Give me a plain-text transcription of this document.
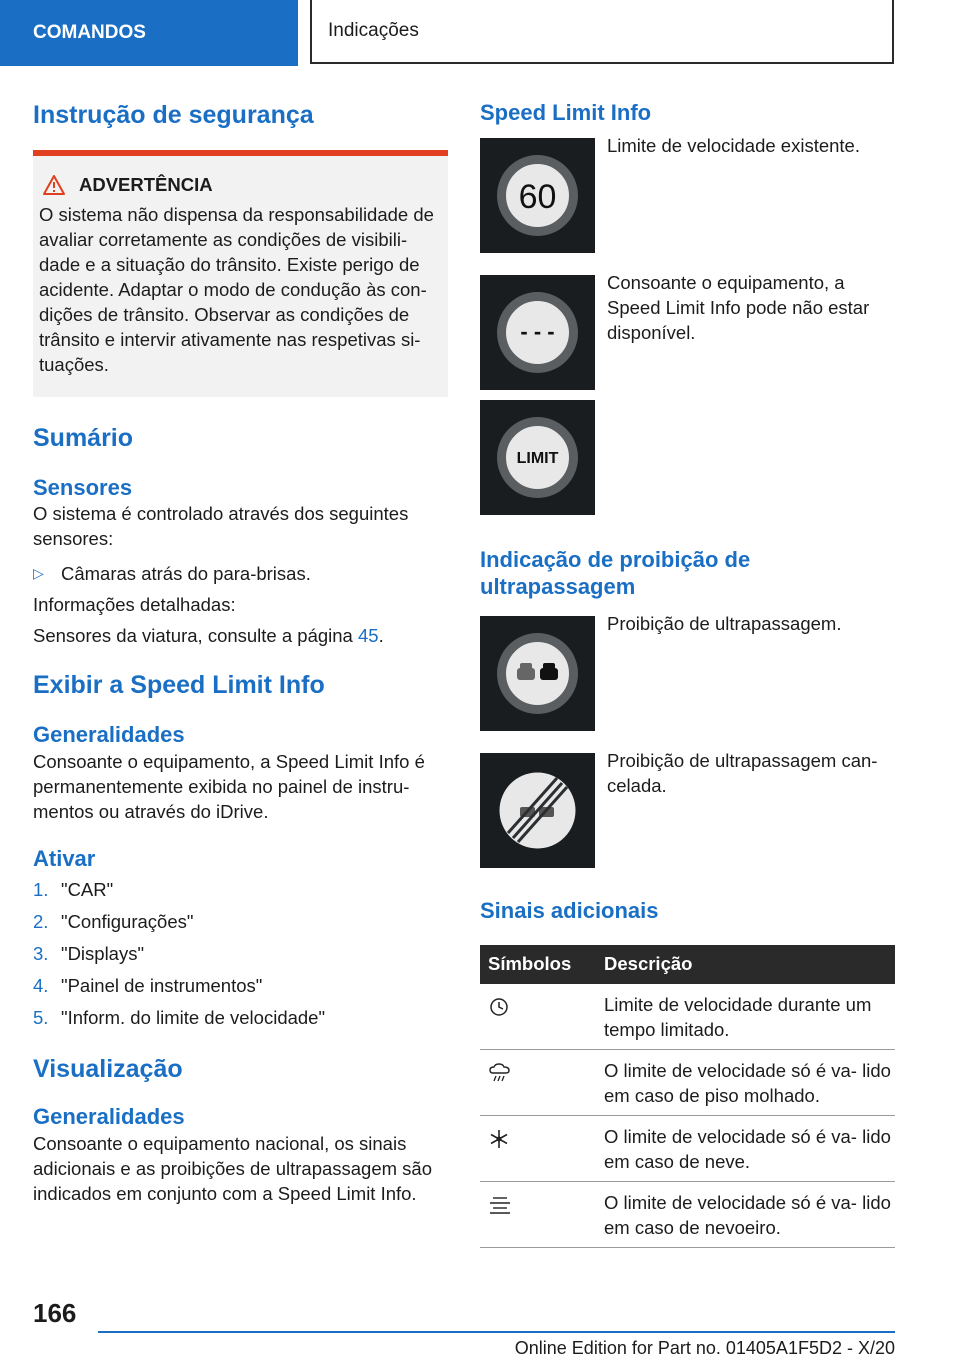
COMANDOS	Indicações
Instrução de segurança
ADVERTÊNCIA

O sistema não dispensa da responsabilidade de avaliar corretamente as condições de visibili- dade e a situação do trânsito. Existe perigo de acidente. Adaptar o modo de condução às con- dições de trânsito. Observar as condições de trânsito e intervir ativamente nas respetivas si- tuações.

Sumário
Sensores

O sistema é controlado através dos seguintes sensores:

▷ Câmaras atrás do para-brisas.

Informações detalhadas:

Sensores da viatura, consulte a página 45.

Exibir a Speed Limit Info
Generalidades

Consoante o equipamento, a Speed Limit Info é permanentemente exibida no painel de instru- mentos ou através do iDrive.

Ativar
1. "CAR"
2. "Configurações"
3. "Displays"
4. "Painel de instrumentos"
5. "Inform. do limite de velocidade"
Visualização
Generalidades

Consoante o equipamento nacional, os sinais adicionais e as proibições de ultrapassagem são indicados em conjunto com a Speed Limit Info.

Speed Limit Info
60
Limite de velocidade existente.
- - -
Consoante o equipamento, a Speed Limit Info pode não estar disponível.
LIMIT
Indicação de proibição de ultrapassagem
Proibição de ultrapassagem.
Proibição de ultrapassagem can- celada.
Sinais adicionais
Símbolos	Descrição
	Limite de velocidade durante um tempo limitado.
	O limite de velocidade só é va- lido em caso de piso molhado.
	O limite de velocidade só é va- lido em caso de neve.
	O limite de velocidade só é va- lido em caso de nevoeiro.
166
Online Edition for Part no. 01405A1F5D2 - X/20
